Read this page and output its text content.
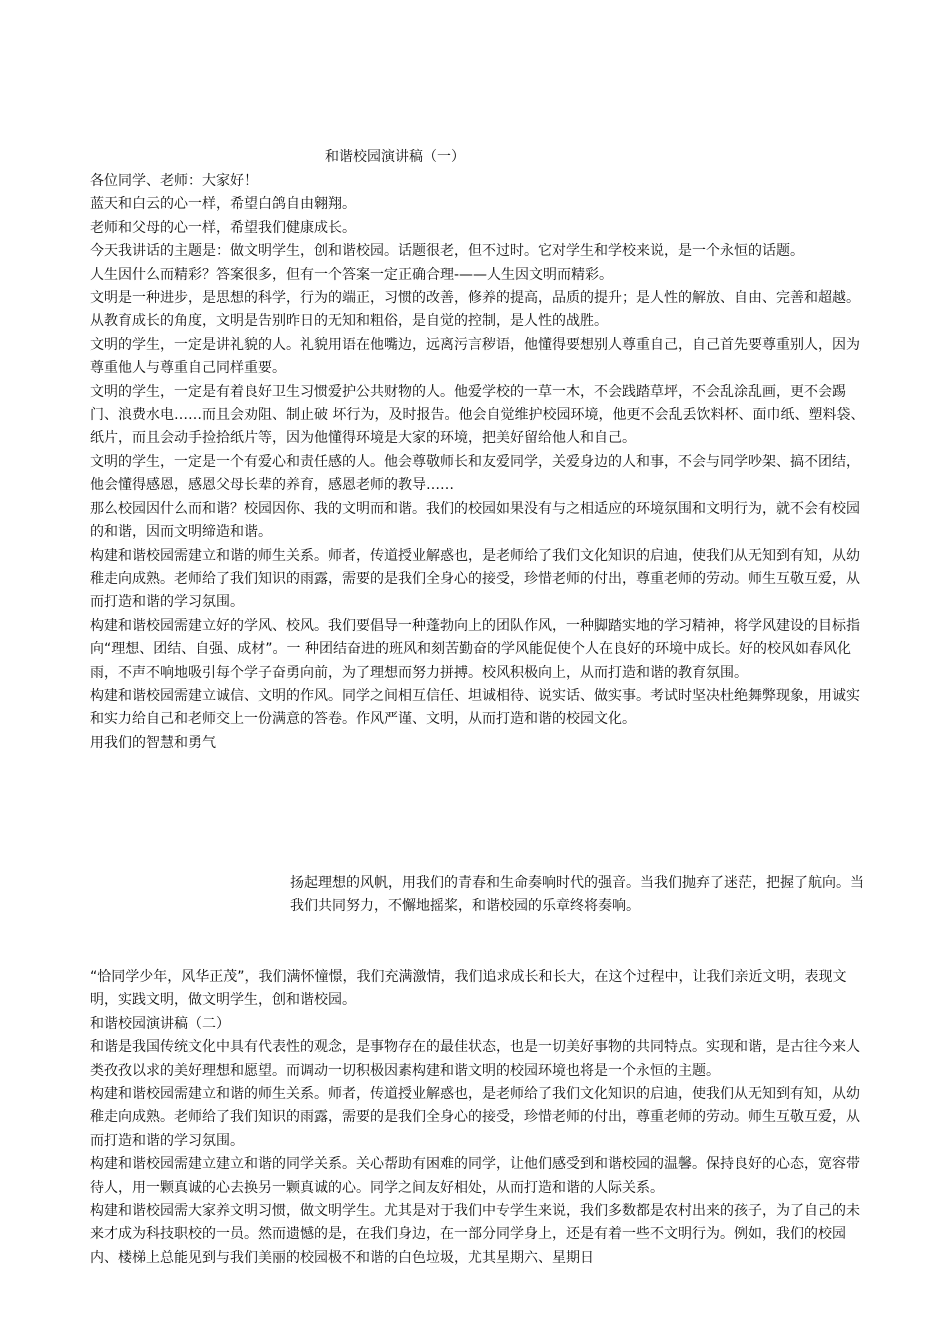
和谐校园演讲稿（一）

各位同学、老师：大家好！

蓝天和白云的心一样，希望白鸽自由翱翔。

老师和父母的心一样，希望我们健康成长。

今天我讲话的主题是：做文明学生，创和谐校园。话题很老，但不过时。它对学生和学校来说，是一个永恒的话题。

人生因什么而精彩？答案很多，但有一个答案一定正确合理-——人生因文明而精彩。

文明是一种进步，是思想的科学，行为的端正，习惯的改善，修养的提高，品质的提升；是人性的解放、自由、完善和超越。从教育成长的角度，文明是告别昨日的无知和粗俗，是自觉的控制，是人性的战胜。

文明的学生，一定是讲礼貌的人。礼貌用语在他嘴边，远离污言秽语，他懂得要想别人尊重自己，自己首先要尊重别人，因为尊重他人与尊重自己同样重要。

文明的学生，一定是有着良好卫生习惯爱护公共财物的人。他爱学校的一草一木，不会践踏草坪，不会乱涂乱画，更不会踢门、浪费水电……而且会劝阻、制止破 坏行为，及时报告。他会自觉维护校园环境，他更不会乱丢饮料杯、面巾纸、塑料袋、纸片，而且会动手捡拾纸片等，因为他懂得环境是大家的环境，把美好留给他人和自己。

文明的学生，一定是一个有爱心和责任感的人。他会尊敬师长和友爱同学，关爱身边的人和事，不会与同学吵架、搞不团结，他会懂得感恩，感恩父母长辈的养育，感恩老师的教导……

那么校园因什么而和谐？校园因你、我的文明而和谐。我们的校园如果没有与之相适应的环境氛围和文明行为，就不会有校园的和谐，因而文明缔造和谐。

构建和谐校园需建立和谐的师生关系。师者，传道授业解惑也，是老师给了我们文化知识的启迪，使我们从无知到有知，从幼稚走向成熟。老师给了我们知识的雨露，需要的是我们全身心的接受，珍惜老师的付出，尊重老师的劳动。师生互敬互爱，从而打造和谐的学习氛围。

构建和谐校园需建立好的学风、校风。我们要倡导一种蓬勃向上的团队作风，一种脚踏实地的学习精神，将学风建设的目标指向“理想、团结、自强、成材”。一 种团结奋进的班风和刻苦勤奋的学风能促使个人在良好的环境中成长。好的校风如春风化雨，不声不响地吸引每个学子奋勇向前，为了理想而努力拼搏。校风积极向上，从而打造和谐的教育氛围。

构建和谐校园需建立诚信、文明的作风。同学之间相互信任、坦诚相待、说实话、做实事。考试时坚决杜绝舞弊现象，用诚实和实力给自己和老师交上一份满意的答卷。作风严谨、文明，从而打造和谐的校园文化。

用我们的智慧和勇气

扬起理想的风帆，用我们的青春和生命奏响时代的强音。当我们抛弃了迷茫，把握了航向。当我们共同努力，不懈地摇桨，和谐校园的乐章终将奏响。

“恰同学少年，风华正茂”，我们满怀憧憬，我们充满激情，我们追求成长和长大，在这个过程中，让我们亲近文明，表现文明，实践文明，做文明学生，创和谐校园。

和谐校园演讲稿（二）

和谐是我国传统文化中具有代表性的观念，是事物存在的最佳状态，也是一切美好事物的共同特点。实现和谐，是古往今来人类孜孜以求的美好理想和愿望。而调动一切积极因素构建和谐文明的校园环境也将是一个永恒的主题。

构建和谐校园需建立和谐的师生关系。师者，传道授业解惑也，是老师给了我们文化知识的启迪，使我们从无知到有知，从幼稚走向成熟。老师给了我们知识的雨露，需要的是我们全身心的接受，珍惜老师的付出，尊重老师的劳动。师生互敬互爱，从而打造和谐的学习氛围。

构建和谐校园需建立建立和谐的同学关系。关心帮助有困难的同学，让他们感受到和谐校园的温馨。保持良好的心态，宽容带待人，用一颗真诚的心去换另一颗真诚的心。同学之间友好相处，从而打造和谐的人际关系。

构建和谐校园需大家养文明习惯，做文明学生。尤其是对于我们中专学生来说，我们多数都是农村出来的孩子，为了自己的未来才成为科技职校的一员。然而遗憾的是，在我们身边，在一部分同学身上，还是有着一些不文明行为。例如，我们的校园内、楼梯上总能见到与我们美丽的校园极不和谐的白色垃圾，尤其星期六、星期日
